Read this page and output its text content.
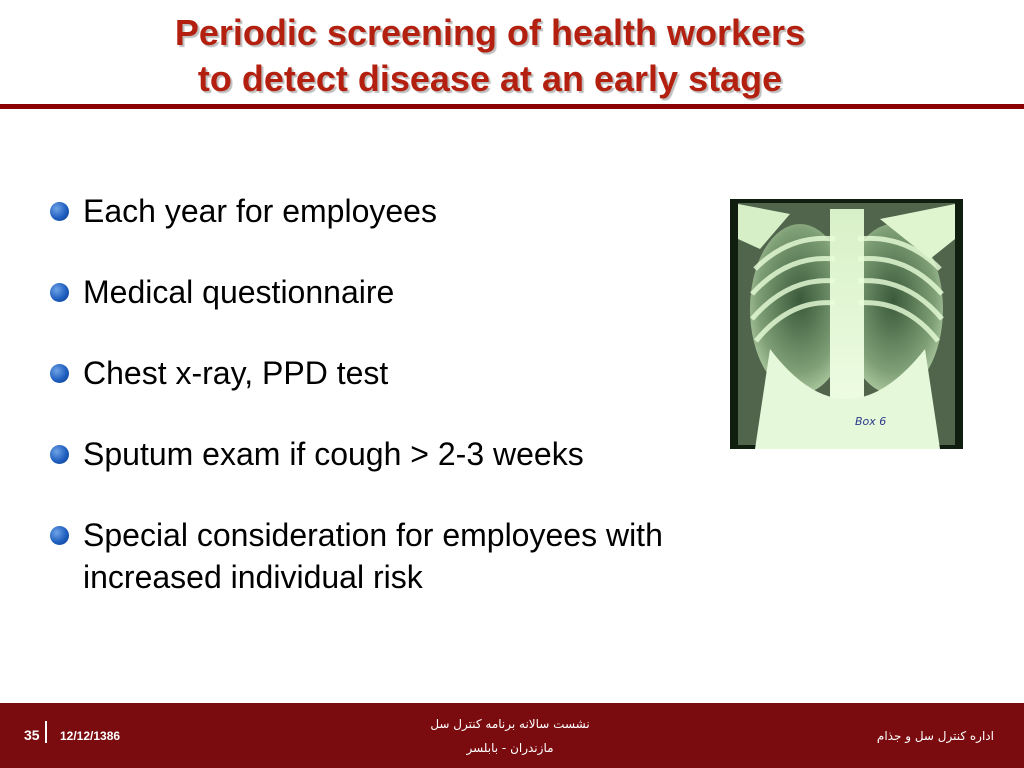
Periodic screening of health workers
to detect disease at an early stage
Each year for employees
Medical questionnaire
Chest x-ray, PPD test
Sputum exam if cough > 2-3 weeks
Special consideration for employees with
increased individual risk
Box 6
35 12/12/1386
نشست سالانه برنامه کنترل سل
مازندران - بابلسر
اداره کنترل سل و جذام
